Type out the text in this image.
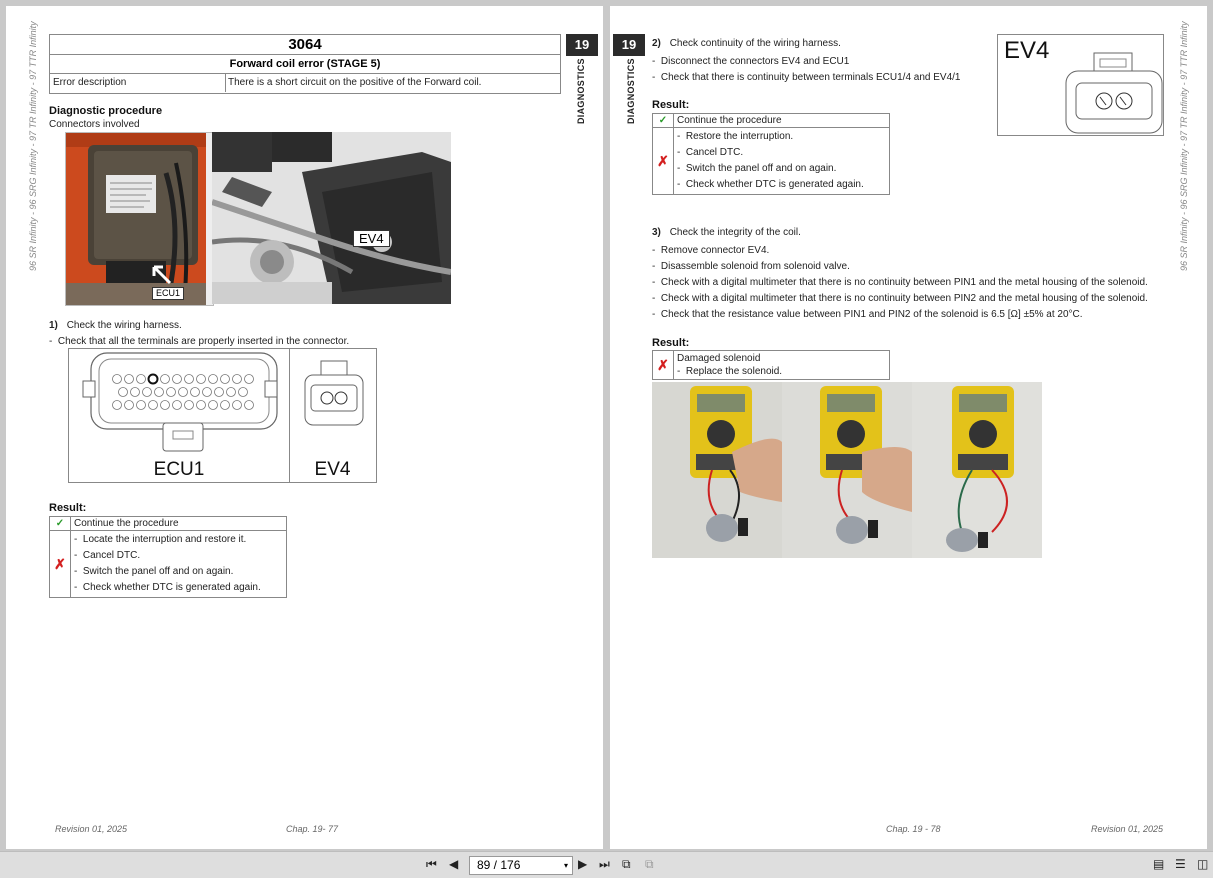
96 SR Infinity - 96 SRG Infinity - 97 TR Infinity - 97 TTR Infinity	3064
Forward coil error (STAGE 5)
Error description	There is a short circuit on the positive of the Forward coil.
19
DIAGNOSTICS
Diagnostic procedure
Connectors involved
ECU1
EV4
1) Check the wiring harness.
-  Check that all the terminals are properly inserted in the connector.
ECU1	EV4
Result:
✓	Continue the procedure
✗	-  Locate the interruption and restore it.
-  Cancel DTC.
-  Switch the panel off and on again.
-  Check whether DTC is generated again.
Revision 01, 2025	Chap. 19- 77
19
DIAGNOSTICS	96 SR Infinity - 96 SRG Infinity - 97 TR Infinity - 97 TTR Infinity
2) Check continuity of the wiring harness.
-  Disconnect the connectors EV4 and ECU1
-  Check that there is continuity between terminals ECU1/4 and EV4/1
EV4
Result:
✓	Continue the procedure
✗	-  Restore the interruption.
-  Cancel DTC.
-  Switch the panel off and on again.
-  Check whether DTC is generated again.
3) Check the integrity of the coil.
-  Remove connector EV4.
-  Disassemble solenoid from solenoid valve.
-  Check with a digital multimeter that there is no continuity between PIN1 and the metal housing of the solenoid.
-  Check with a digital multimeter that there is no continuity between PIN2 and the metal housing of the solenoid.
-  Check that the resistance value between PIN1 and PIN2 of the solenoid is 6.5 [Ω] ±5% at 20°C.
Result:
✗	Damaged solenoid
-  Replace the solenoid.
Chap. 19 - 78	Revision 01, 2025
⏮ ◀ 89 / 176	▾ ▶ ⏭ ⧉ ⧉	▤ ☰ ◫
